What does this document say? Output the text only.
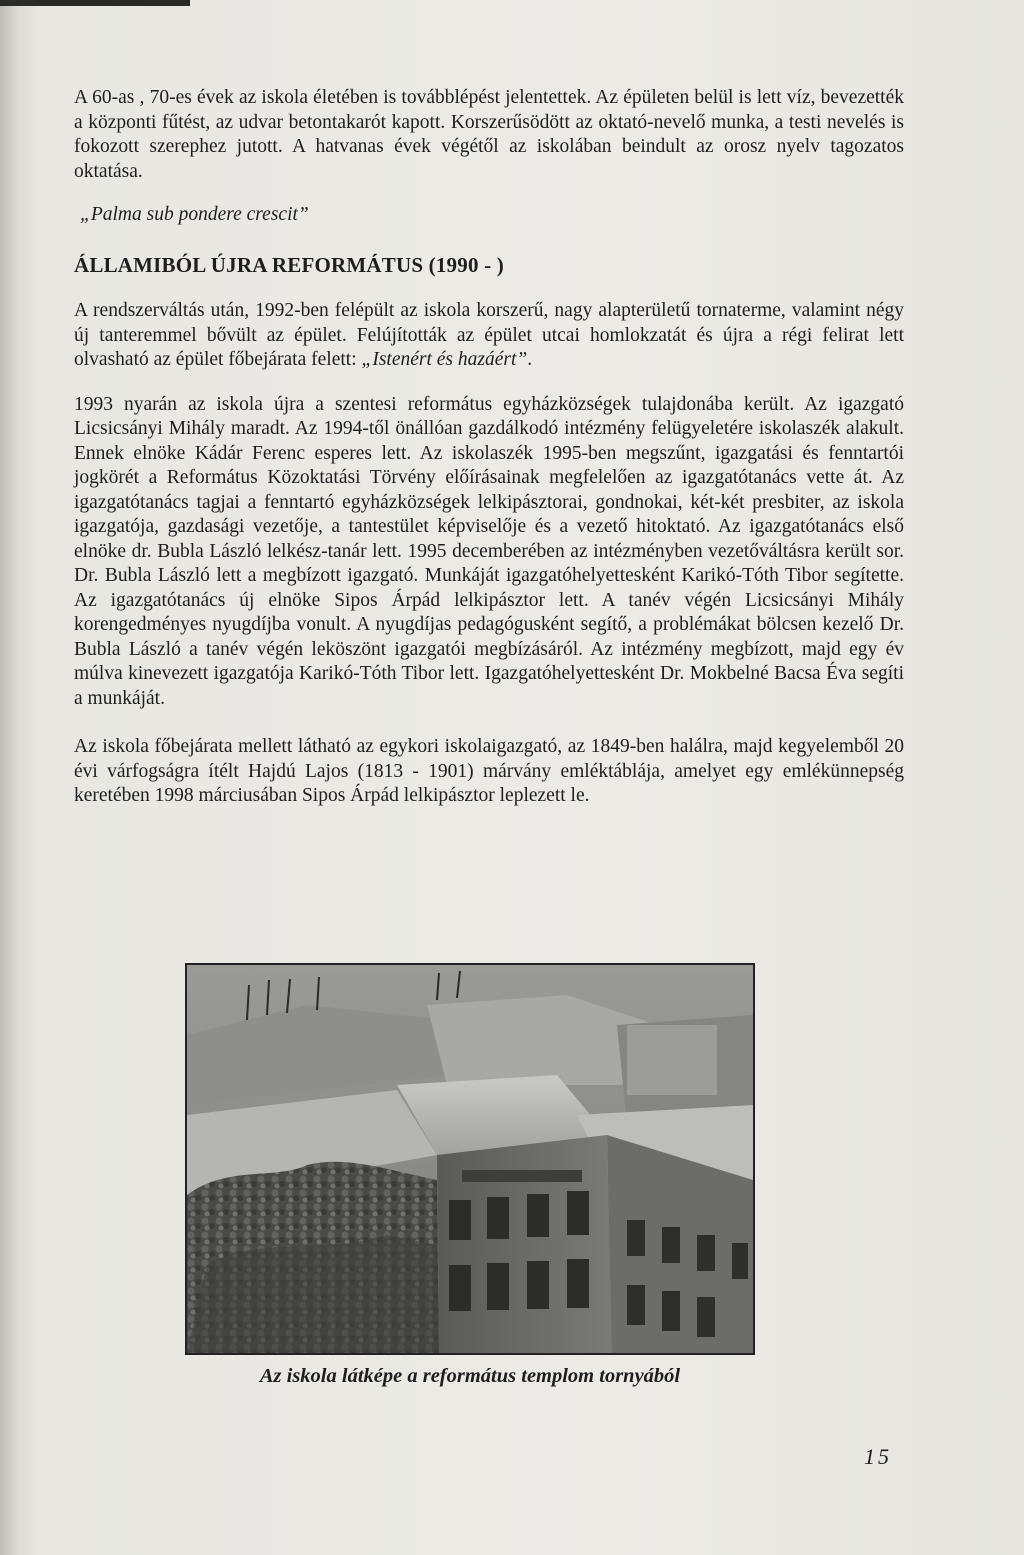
A 60-as , 70-es évek az iskola életében is továbblépést jelentettek. Az épületen belül is lett víz, bevezették a központi fűtést, az udvar betontakarót kapott. Korszerűsödött az oktató-nevelő munka, a testi nevelés is fokozott szerephez jutott. A hatvanas évek végétől az iskolában beindult az orosz nyelv tagozatos oktatása.

„Palma sub pondere crescit”

ÁLLAMIBÓL ÚJRA REFORMÁTUS (1990 - )

A rendszerváltás után, 1992-ben felépült az iskola korszerű, nagy alapterületű tornaterme, valamint négy új tanteremmel bővült az épület. Felújították az épület utcai homlokzatát és újra a régi felirat lett olvasható az épület főbejárata felett: „Istenért és hazáért”.

1993 nyarán az iskola újra a szentesi református egyházközségek tulajdonába került. Az igazgató Licsicsányi Mihály maradt. Az 1994-től önállóan gazdálkodó intézmény felügyeletére iskolaszék alakult. Ennek elnöke Kádár Ferenc esperes lett. Az iskolaszék 1995-ben megszűnt, igazgatási és fenntartói jogkörét a Református Közoktatási Törvény előírásainak megfelelően az igazgatótanács vette át. Az igazgatótanács tagjai a fenntartó egyházközségek lelkipásztorai, gondnokai, két-két presbiter, az iskola igazgatója, gazdasági vezetője, a tantestület képviselője és a vezető hitoktató. Az igazgatótanács első elnöke dr. Bubla László lelkész-tanár lett. 1995 decemberében az intézményben vezetőváltásra került sor. Dr. Bubla László lett a megbízott igazgató. Munkáját igazgatóhelyettesként Karikó-Tóth Tibor segítette. Az igazgatótanács új elnöke Sipos Árpád lelkipásztor lett. A tanév végén Licsicsányi Mihály korengedményes nyugdíjba vonult. A nyugdíjas pedagógusként segítő, a problémákat bölcsen kezelő Dr. Bubla László a tanév végén leköszönt igazgatói megbízásáról. Az intézmény megbízott, majd egy év múlva kinevezett igazgatója Karikó-Tóth Tibor lett. Igazgatóhelyettesként Dr. Mokbelné Bacsa Éva segíti a munkáját.

Az iskola főbejárata mellett látható az egykori iskolaigazgató, az 1849-ben halálra, majd kegyelemből 20 évi várfogságra ítélt Hajdú Lajos (1813 - 1901) márvány emléktáblája, amelyet egy emlékünnepség keretében 1998 márciusában Sipos Árpád lelkipásztor leplezett le.

Az iskola látképe a református templom tornyából
15
